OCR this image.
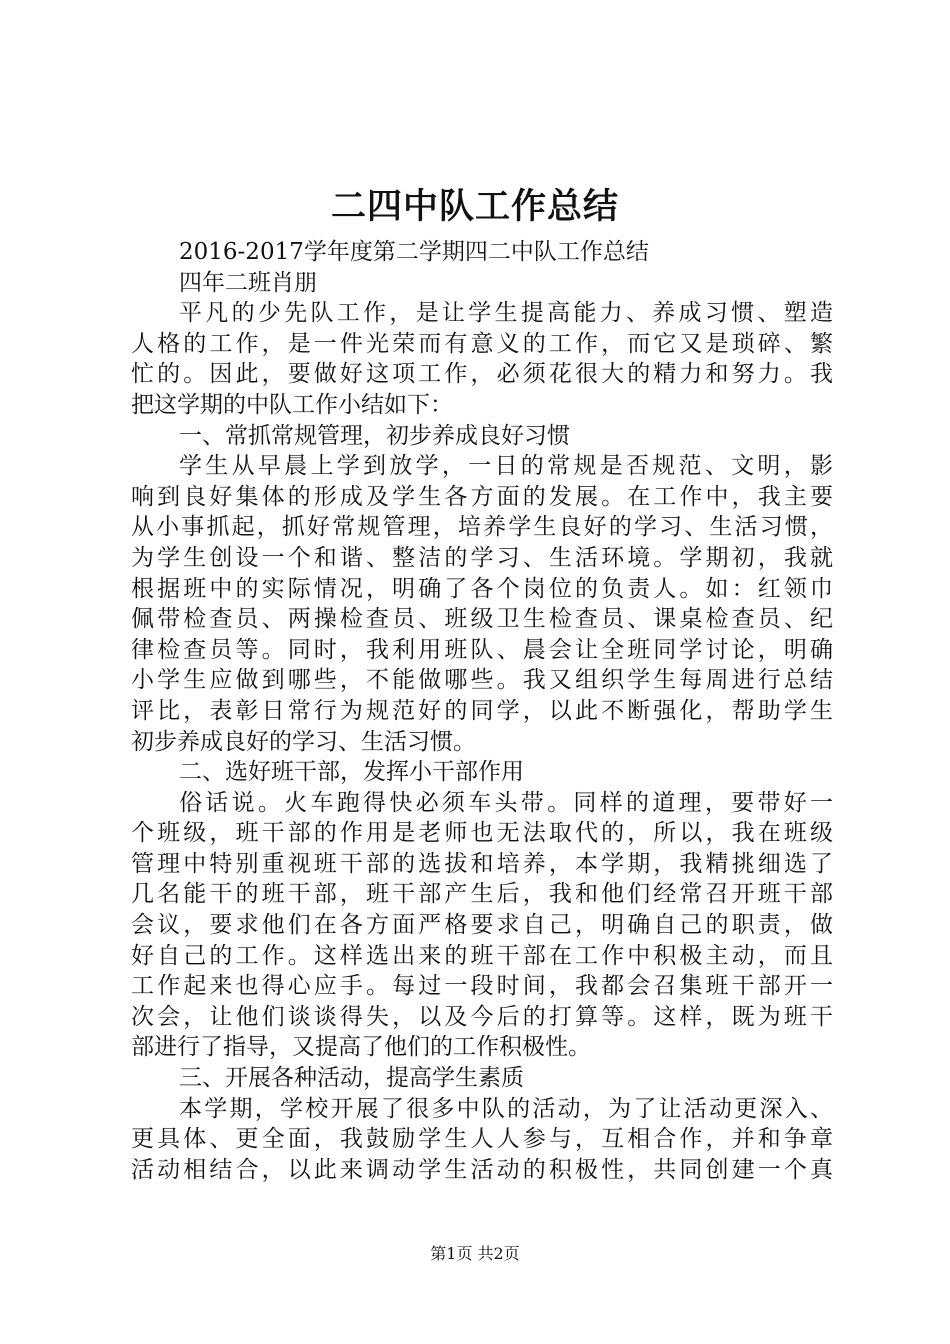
二四中队工作总结
2016-2017学年度第二学期四二中队工作总结
四年二班肖朋
平凡的少先队工作，是让学生提高能力、养成习惯、塑造
人格的工作，是一件光荣而有意义的工作，而它又是琐碎、繁
忙的。因此，要做好这项工作，必须花很大的精力和努力。我
把这学期的中队工作小结如下：
一、常抓常规管理，初步养成良好习惯
学生从早晨上学到放学，一日的常规是否规范、文明，影
响到良好集体的形成及学生各方面的发展。在工作中，我主要
从小事抓起，抓好常规管理，培养学生良好的学习、生活习惯，
为学生创设一个和谐、整洁的学习、生活环境。学期初，我就
根据班中的实际情况，明确了各个岗位的负责人。如：红领巾
佩带检查员、两操检查员、班级卫生检查员、课桌检查员、纪
律检查员等。同时，我利用班队、晨会让全班同学讨论，明确
小学生应做到哪些，不能做哪些。我又组织学生每周进行总结
评比，表彰日常行为规范好的同学，以此不断强化，帮助学生
初步养成良好的学习、生活习惯。
二、选好班干部，发挥小干部作用
俗话说。火车跑得快必须车头带。同样的道理，要带好一
个班级，班干部的作用是老师也无法取代的，所以，我在班级
管理中特别重视班干部的选拔和培养，本学期，我精挑细选了
几名能干的班干部，班干部产生后，我和他们经常召开班干部
会议，要求他们在各方面严格要求自己，明确自己的职责，做
好自己的工作。这样选出来的班干部在工作中积极主动，而且
工作起来也得心应手。每过一段时间，我都会召集班干部开一
次会，让他们谈谈得失，以及今后的打算等。这样，既为班干
部进行了指导，又提高了他们的工作积极性。
三、开展各种活动，提高学生素质
本学期，学校开展了很多中队的活动，为了让活动更深入、
更具体、更全面，我鼓励学生人人参与，互相合作，并和争章
活动相结合，以此来调动学生活动的积极性，共同创建一个真
第1页 共2页
